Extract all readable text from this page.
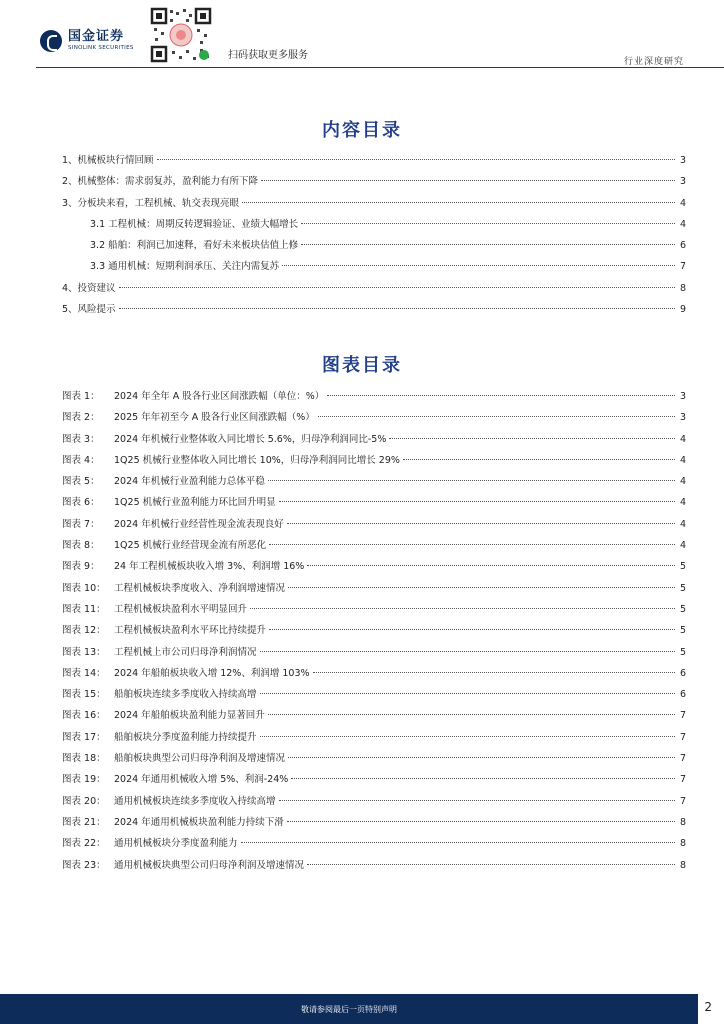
国金证券
SINOLINK SECURITIES
扫码获取更多服务
行业深度研究
内容目录
1、机械板块行情回顾	3
2、机械整体：需求弱复苏，盈利能力有所下降	3
3、分板块来看，工程机械、轨交表现亮眼	4
3.1 工程机械：周期反转逻辑验证、业绩大幅增长	4
3.2 船舶：利润已加速释，看好未来板块估值上修	6
3.3 通用机械：短期利润承压、关注内需复苏	7
4、投资建议	8
5、风险提示	9
图表目录
图表 1： 2024 年全年 A 股各行业区间涨跌幅（单位：%）	3
图表 2： 2025 年年初至今 A 股各行业区间涨跌幅（%）	3
图表 3： 2024 年机械行业整体收入同比增长 5.6%，归母净利润同比-5%	4
图表 4： 1Q25 机械行业整体收入同比增长 10%，归母净利润同比增长 29%	4
图表 5： 2024 年机械行业盈利能力总体平稳	4
图表 6： 1Q25 机械行业盈利能力环比回升明显	4
图表 7： 2024 年机械行业经营性现金流表现良好	4
图表 8： 1Q25 机械行业经营现金流有所恶化	4
图表 9： 24 年工程机械板块收入增 3%、利润增 16%	5
图表 10： 工程机械板块季度收入、净利润增速情况	5
图表 11： 工程机械板块盈利水平明显回升	5
图表 12： 工程机械板块盈利水平环比持续提升	5
图表 13： 工程机械上市公司归母净利润情况	5
图表 14： 2024 年船舶板块收入增 12%、利润增 103%	6
图表 15： 船舶板块连续多季度收入持续高增	6
图表 16： 2024 年船舶板块盈利能力显著回升	7
图表 17： 船舶板块分季度盈利能力持续提升	7
图表 18： 船舶板块典型公司归母净利润及增速情况	7
图表 19： 2024 年通用机械收入增 5%、利润-24%	7
图表 20： 通用机械板块连续多季度收入持续高增	7
图表 21： 2024 年通用机械板块盈利能力持续下滑	8
图表 22： 通用机械板块分季度盈利能力	8
图表 23： 通用机械板块典型公司归母净利润及增速情况	8
敬请参阅最后一页特别声明	2
